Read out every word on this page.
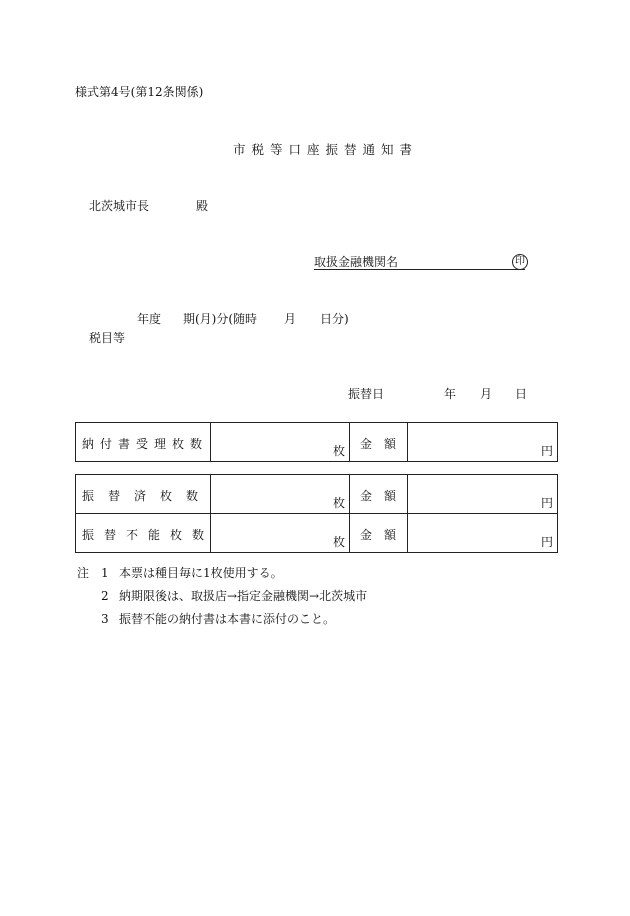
様式第4号(第12条関係)
市税等口座振替通知書
北茨城市長	殿
取扱金融機関名	印
年度 期(月)分(随時 月 日分)
税目等
振替日	年 月 日
納付書受理枚数	枚	金　額	円
振替済枚数	枚	金　額	円

振替不能枚数	枚	金　額	円
注 1 本票は種目毎に1枚使用する。
2 納期限後は、取扱店→指定金融機関→北茨城市
3 振替不能の納付書は本書に添付のこと。
